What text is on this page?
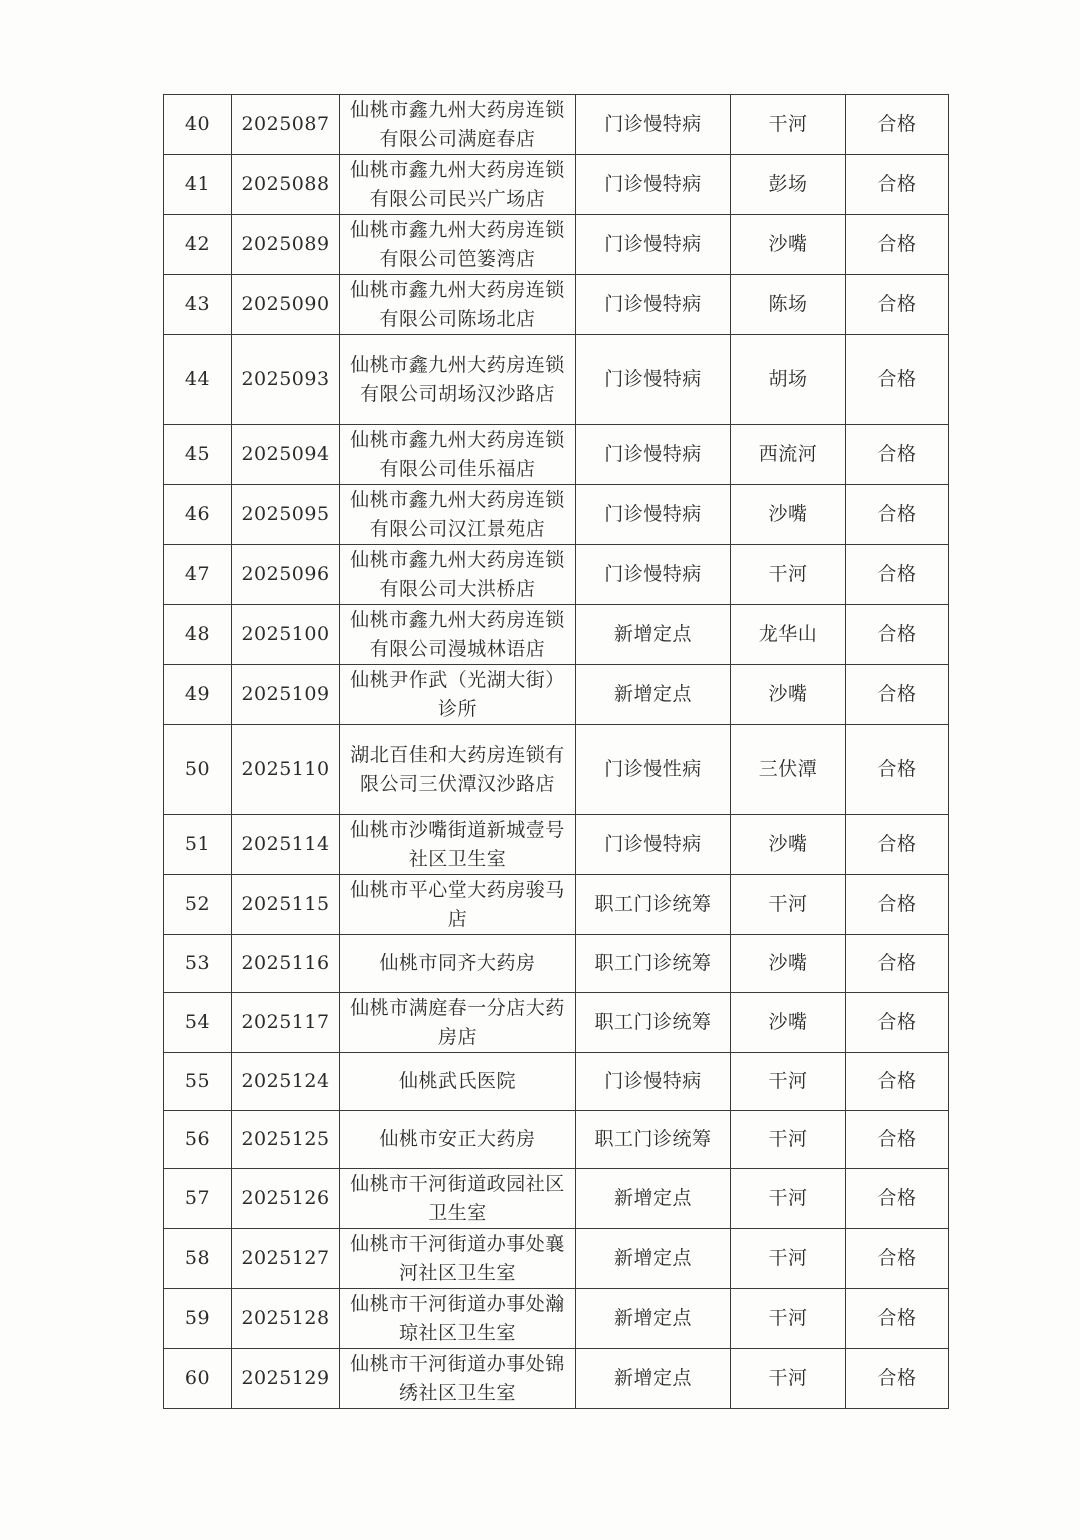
40	2025087	仙桃市鑫九州大药房连锁有限公司满庭春店	门诊慢特病	干河	合格
41	2025088	仙桃市鑫九州大药房连锁有限公司民兴广场店	门诊慢特病	彭场	合格
42	2025089	仙桃市鑫九州大药房连锁有限公司笆篓湾店	门诊慢特病	沙嘴	合格
43	2025090	仙桃市鑫九州大药房连锁有限公司陈场北店	门诊慢特病	陈场	合格
44	2025093	仙桃市鑫九州大药房连锁有限公司胡场汉沙路店	门诊慢特病	胡场	合格
45	2025094	仙桃市鑫九州大药房连锁有限公司佳乐福店	门诊慢特病	西流河	合格
46	2025095	仙桃市鑫九州大药房连锁有限公司汉江景苑店	门诊慢特病	沙嘴	合格
47	2025096	仙桃市鑫九州大药房连锁有限公司大洪桥店	门诊慢特病	干河	合格
48	2025100	仙桃市鑫九州大药房连锁有限公司漫城林语店	新增定点	龙华山	合格
49	2025109	仙桃尹作武（光湖大街）诊所	新增定点	沙嘴	合格
50	2025110	湖北百佳和大药房连锁有限公司三伏潭汉沙路店	门诊慢性病	三伏潭	合格
51	2025114	仙桃市沙嘴街道新城壹号社区卫生室	门诊慢特病	沙嘴	合格
52	2025115	仙桃市平心堂大药房骏马店	职工门诊统筹	干河	合格
53	2025116	仙桃市同齐大药房	职工门诊统筹	沙嘴	合格
54	2025117	仙桃市满庭春一分店大药房店	职工门诊统筹	沙嘴	合格
55	2025124	仙桃武氏医院	门诊慢特病	干河	合格
56	2025125	仙桃市安正大药房	职工门诊统筹	干河	合格
57	2025126	仙桃市干河街道政园社区卫生室	新增定点	干河	合格
58	2025127	仙桃市干河街道办事处襄河社区卫生室	新增定点	干河	合格
59	2025128	仙桃市干河街道办事处瀚琼社区卫生室	新增定点	干河	合格
60	2025129	仙桃市干河街道办事处锦绣社区卫生室	新增定点	干河	合格
